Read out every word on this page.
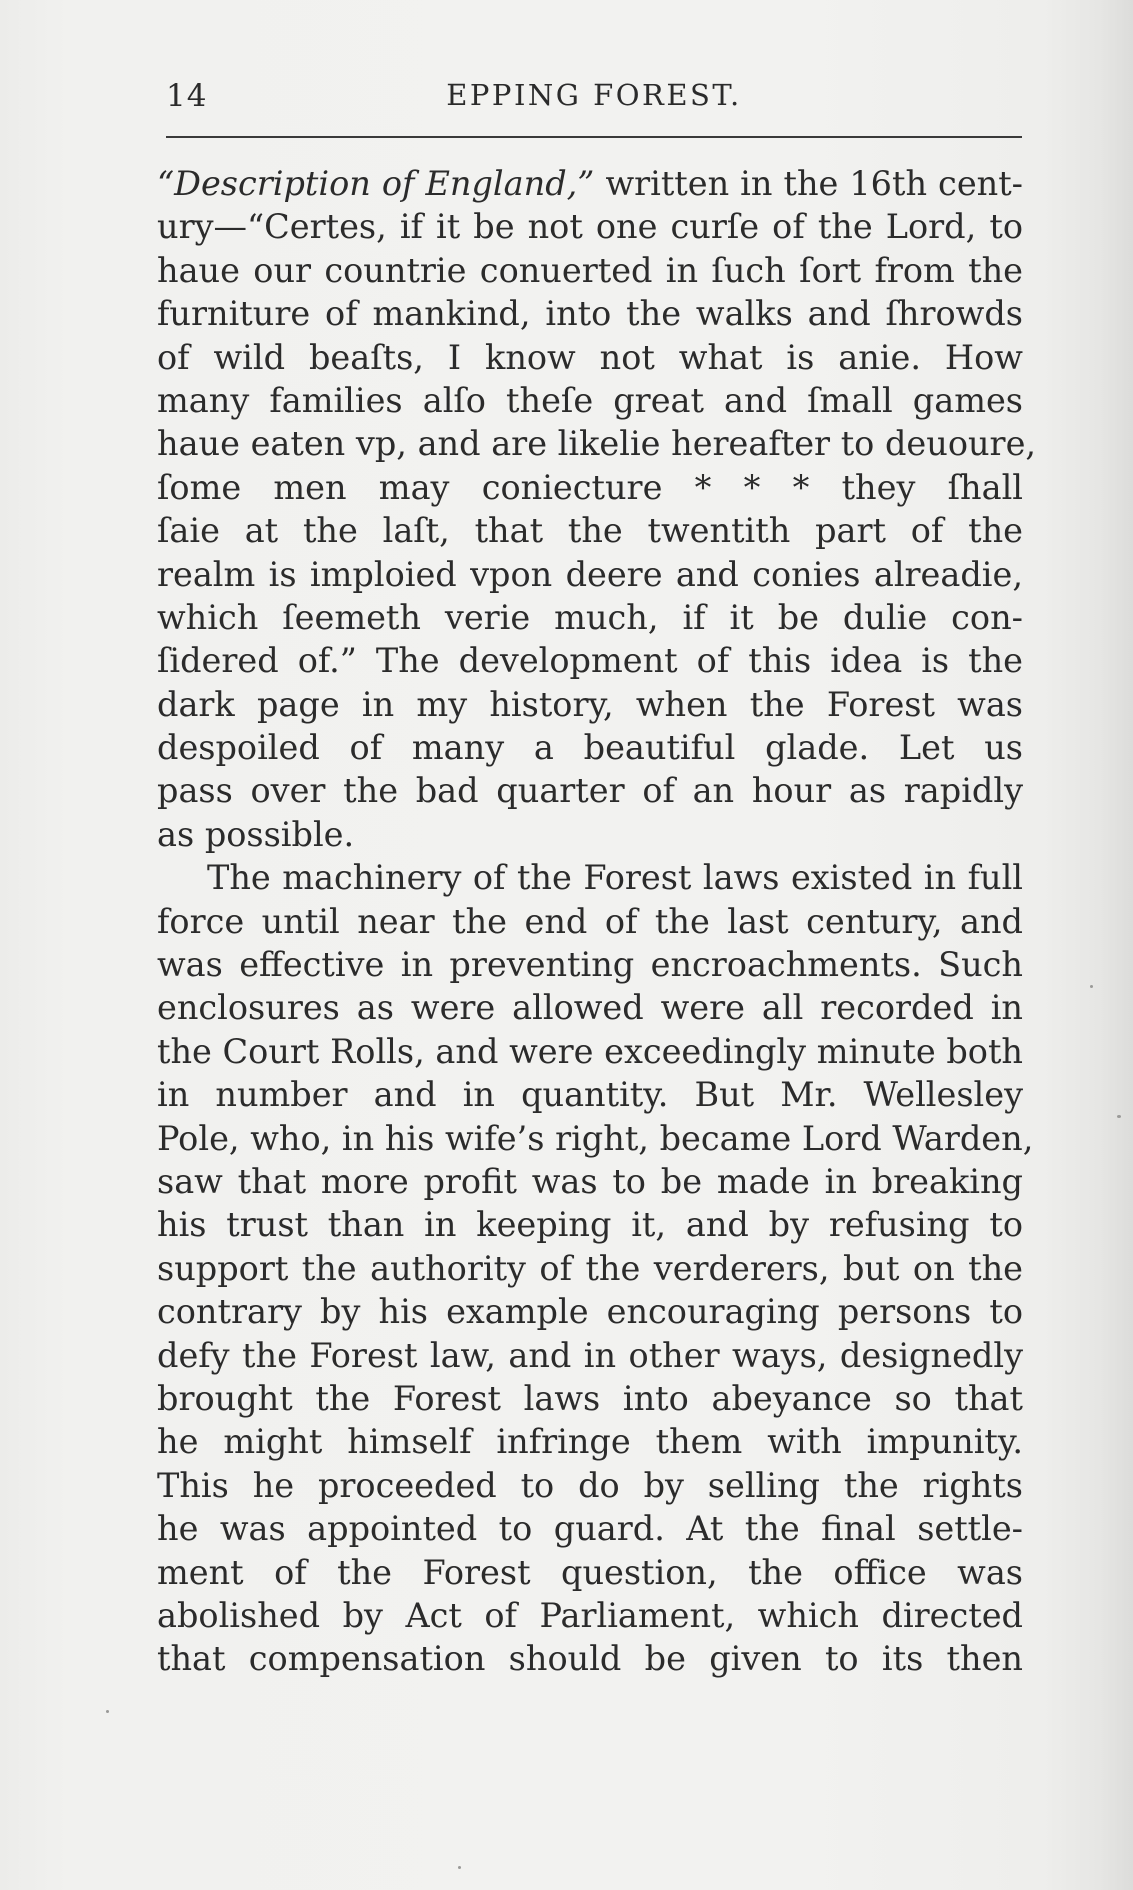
14	EPPING FOREST.
“Description of England,” written in the 16th cent-
ury—“Certes, if it be not one curſe of the Lord, to
haue our countrie conuerted in ſuch ſort from the
furniture of mankind, into the walks and ſhrowds
of wild beaſts, I know not what is anie. How
many families alſo theſe great and ſmall games
haue eaten vp, and are likelie hereafter to deuoure,
ſome men may coniecture * * * they ſhall
ſaie at the laſt, that the twentith part of the
realm is imploied vpon deere and conies alreadie,
which ſeemeth verie much, if it be dulie con-
ſidered of.” The development of this idea is the
dark page in my history, when the Forest was
despoiled of many a beautiful glade. Let us
pass over the bad quarter of an hour as rapidly
as possible.
The machinery of the Forest laws existed in full
force until near the end of the last century, and
was effective in preventing encroachments. Such
enclosures as were allowed were all recorded in
the Court Rolls, and were exceedingly minute both
in number and in quantity. But Mr. Wellesley
Pole, who, in his wife’s right, became Lord Warden,
saw that more profit was to be made in breaking
his trust than in keeping it, and by refusing to
support the authority of the verderers, but on the
contrary by his example encouraging persons to
defy the Forest law, and in other ways, designedly
brought the Forest laws into abeyance so that
he might himself infringe them with impunity.
This he proceeded to do by selling the rights
he was appointed to guard. At the final settle-
ment of the Forest question, the office was
abolished by Act of Parliament, which directed
that compensation should be given to its then
